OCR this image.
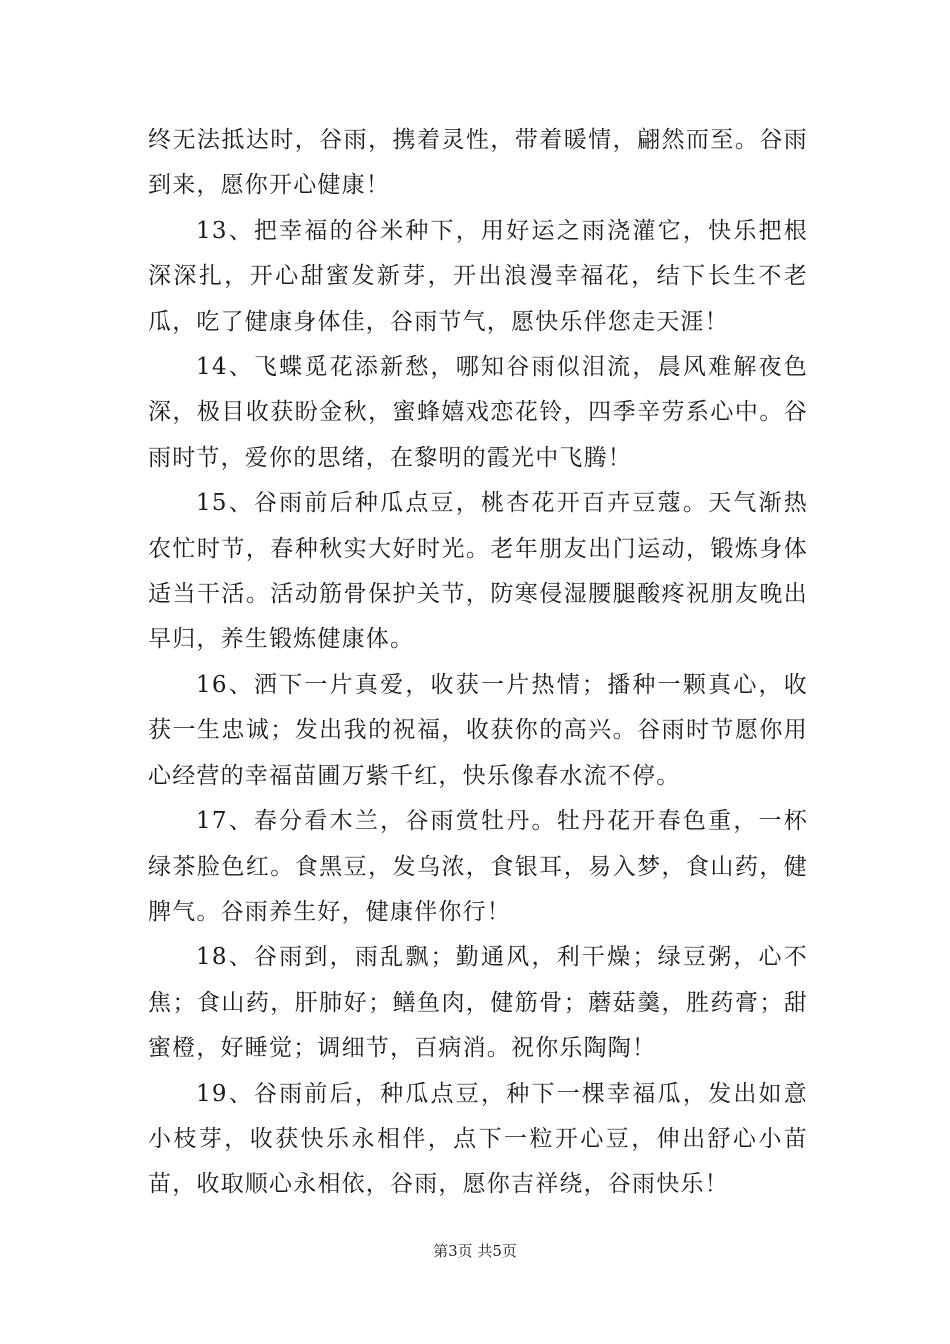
终无法抵达时，谷雨，携着灵性，带着暖情，翩然而至。谷雨到来，愿你开心健康！

13、把幸福的谷米种下，用好运之雨浇灌它，快乐把根深深扎，开心甜蜜发新芽，开出浪漫幸福花，结下长生不老瓜，吃了健康身体佳，谷雨节气，愿快乐伴您走天涯！

14、飞蝶觅花添新愁，哪知谷雨似泪流，晨风难解夜色深，极目收获盼金秋，蜜蜂嬉戏恋花铃，四季辛劳系心中。谷雨时节，爱你的思绪，在黎明的霞光中飞腾！

15、谷雨前后种瓜点豆，桃杏花开百卉豆蔻。天气渐热农忙时节，春种秋实大好时光。老年朋友出门运动，锻炼身体适当干活。活动筋骨保护关节，防寒侵湿腰腿酸疼祝朋友晚出早归，养生锻炼健康体。

16、洒下一片真爱，收获一片热情；播种一颗真心，收获一生忠诚；发出我的祝福，收获你的高兴。谷雨时节愿你用心经营的幸福苗圃万紫千红，快乐像春水流不停。

17、春分看木兰，谷雨赏牡丹。牡丹花开春色重，一杯绿茶脸色红。食黑豆，发乌浓，食银耳，易入梦，食山药，健脾气。谷雨养生好，健康伴你行！

18、谷雨到，雨乱飘；勤通风，利干燥；绿豆粥，心不焦；食山药，肝肺好；鳝鱼肉，健筋骨；蘑菇羹，胜药膏；甜蜜橙，好睡觉；调细节，百病消。祝你乐陶陶！

19、谷雨前后，种瓜点豆，种下一棵幸福瓜，发出如意小枝芽，收获快乐永相伴，点下一粒开心豆，伸出舒心小苗苗，收取顺心永相依，谷雨，愿你吉祥绕，谷雨快乐！

第3页 共5页
